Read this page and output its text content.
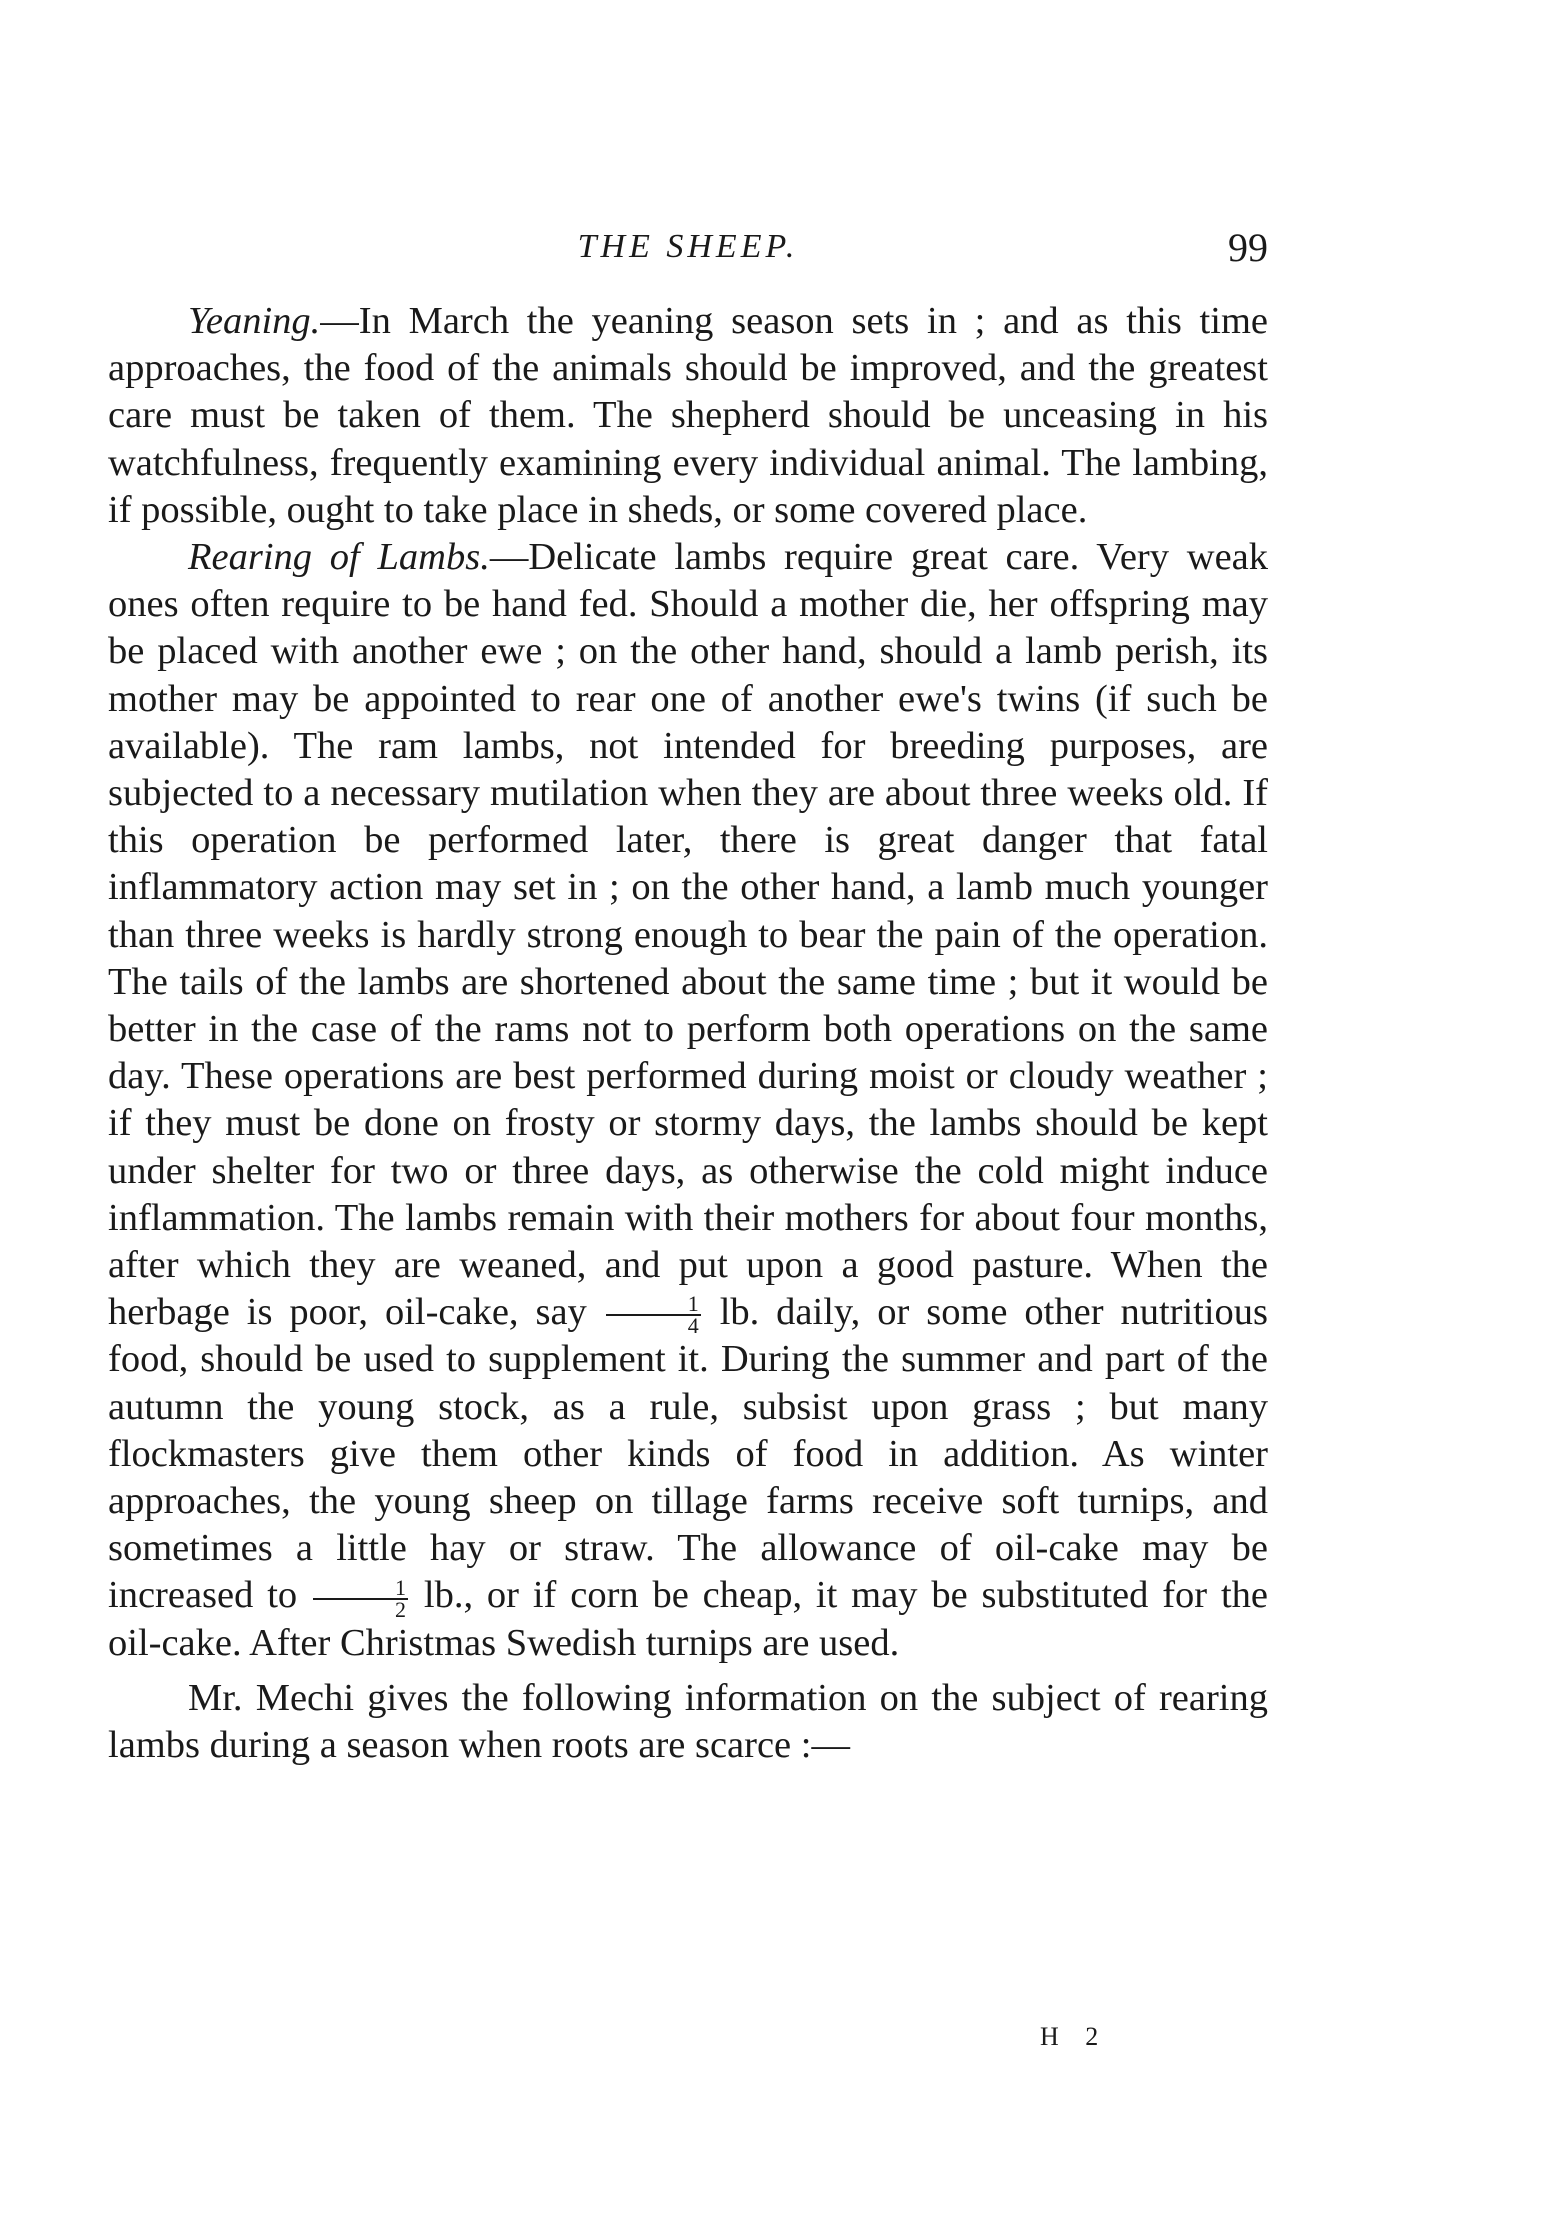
THE SHEEP.	99

Yeaning.—In March the yeaning season sets in ; and as this time approaches, the food of the animals should be improved, and the greatest care must be taken of them. The shepherd should be unceasing in his watchfulness, frequently examining every individual animal. The lambing, if possible, ought to take place in sheds, or some covered place.

Rearing of Lambs.—Delicate lambs require great care. Very weak ones often require to be hand fed. Should a mother die, her offspring may be placed with another ewe ; on the other hand, should a lamb perish, its mother may be appointed to rear one of another ewe's twins (if such be available). The ram lambs, not intended for breeding purposes, are subjected to a necessary mutilation when they are about three weeks old. If this operation be performed later, there is great danger that fatal inflammatory action may set in ; on the other hand, a lamb much younger than three weeks is hardly strong enough to bear the pain of the operation. The tails of the lambs are shortened about the same time ; but it would be better in the case of the rams not to perform both operations on the same day. These operations are best performed during moist or cloudy weather ; if they must be done on frosty or stormy days, the lambs should be kept under shelter for two or three days, as otherwise the cold might induce inflammation. The lambs remain with their mothers for about four months, after which they are weaned, and put upon a good pasture. When the herbage is poor, oil-cake, say $\frac{1}{4}$ lb. daily, or some other nutritious food, should be used to supplement it. During the summer and part of the autumn the young stock, as a rule, subsist upon grass ; but many flockmasters give them other kinds of food in addition. As winter approaches, the young sheep on tillage farms receive soft turnips, and sometimes a little hay or straw. The allowance of oil-cake may be increased to $\frac{1}{2}$ lb., or if corn be cheap, it may be substituted for the oil-cake. After Christmas Swedish turnips are used.

Mr. Mechi gives the following information on the subject of rearing lambs during a season when roots are scarce :—

H 2
